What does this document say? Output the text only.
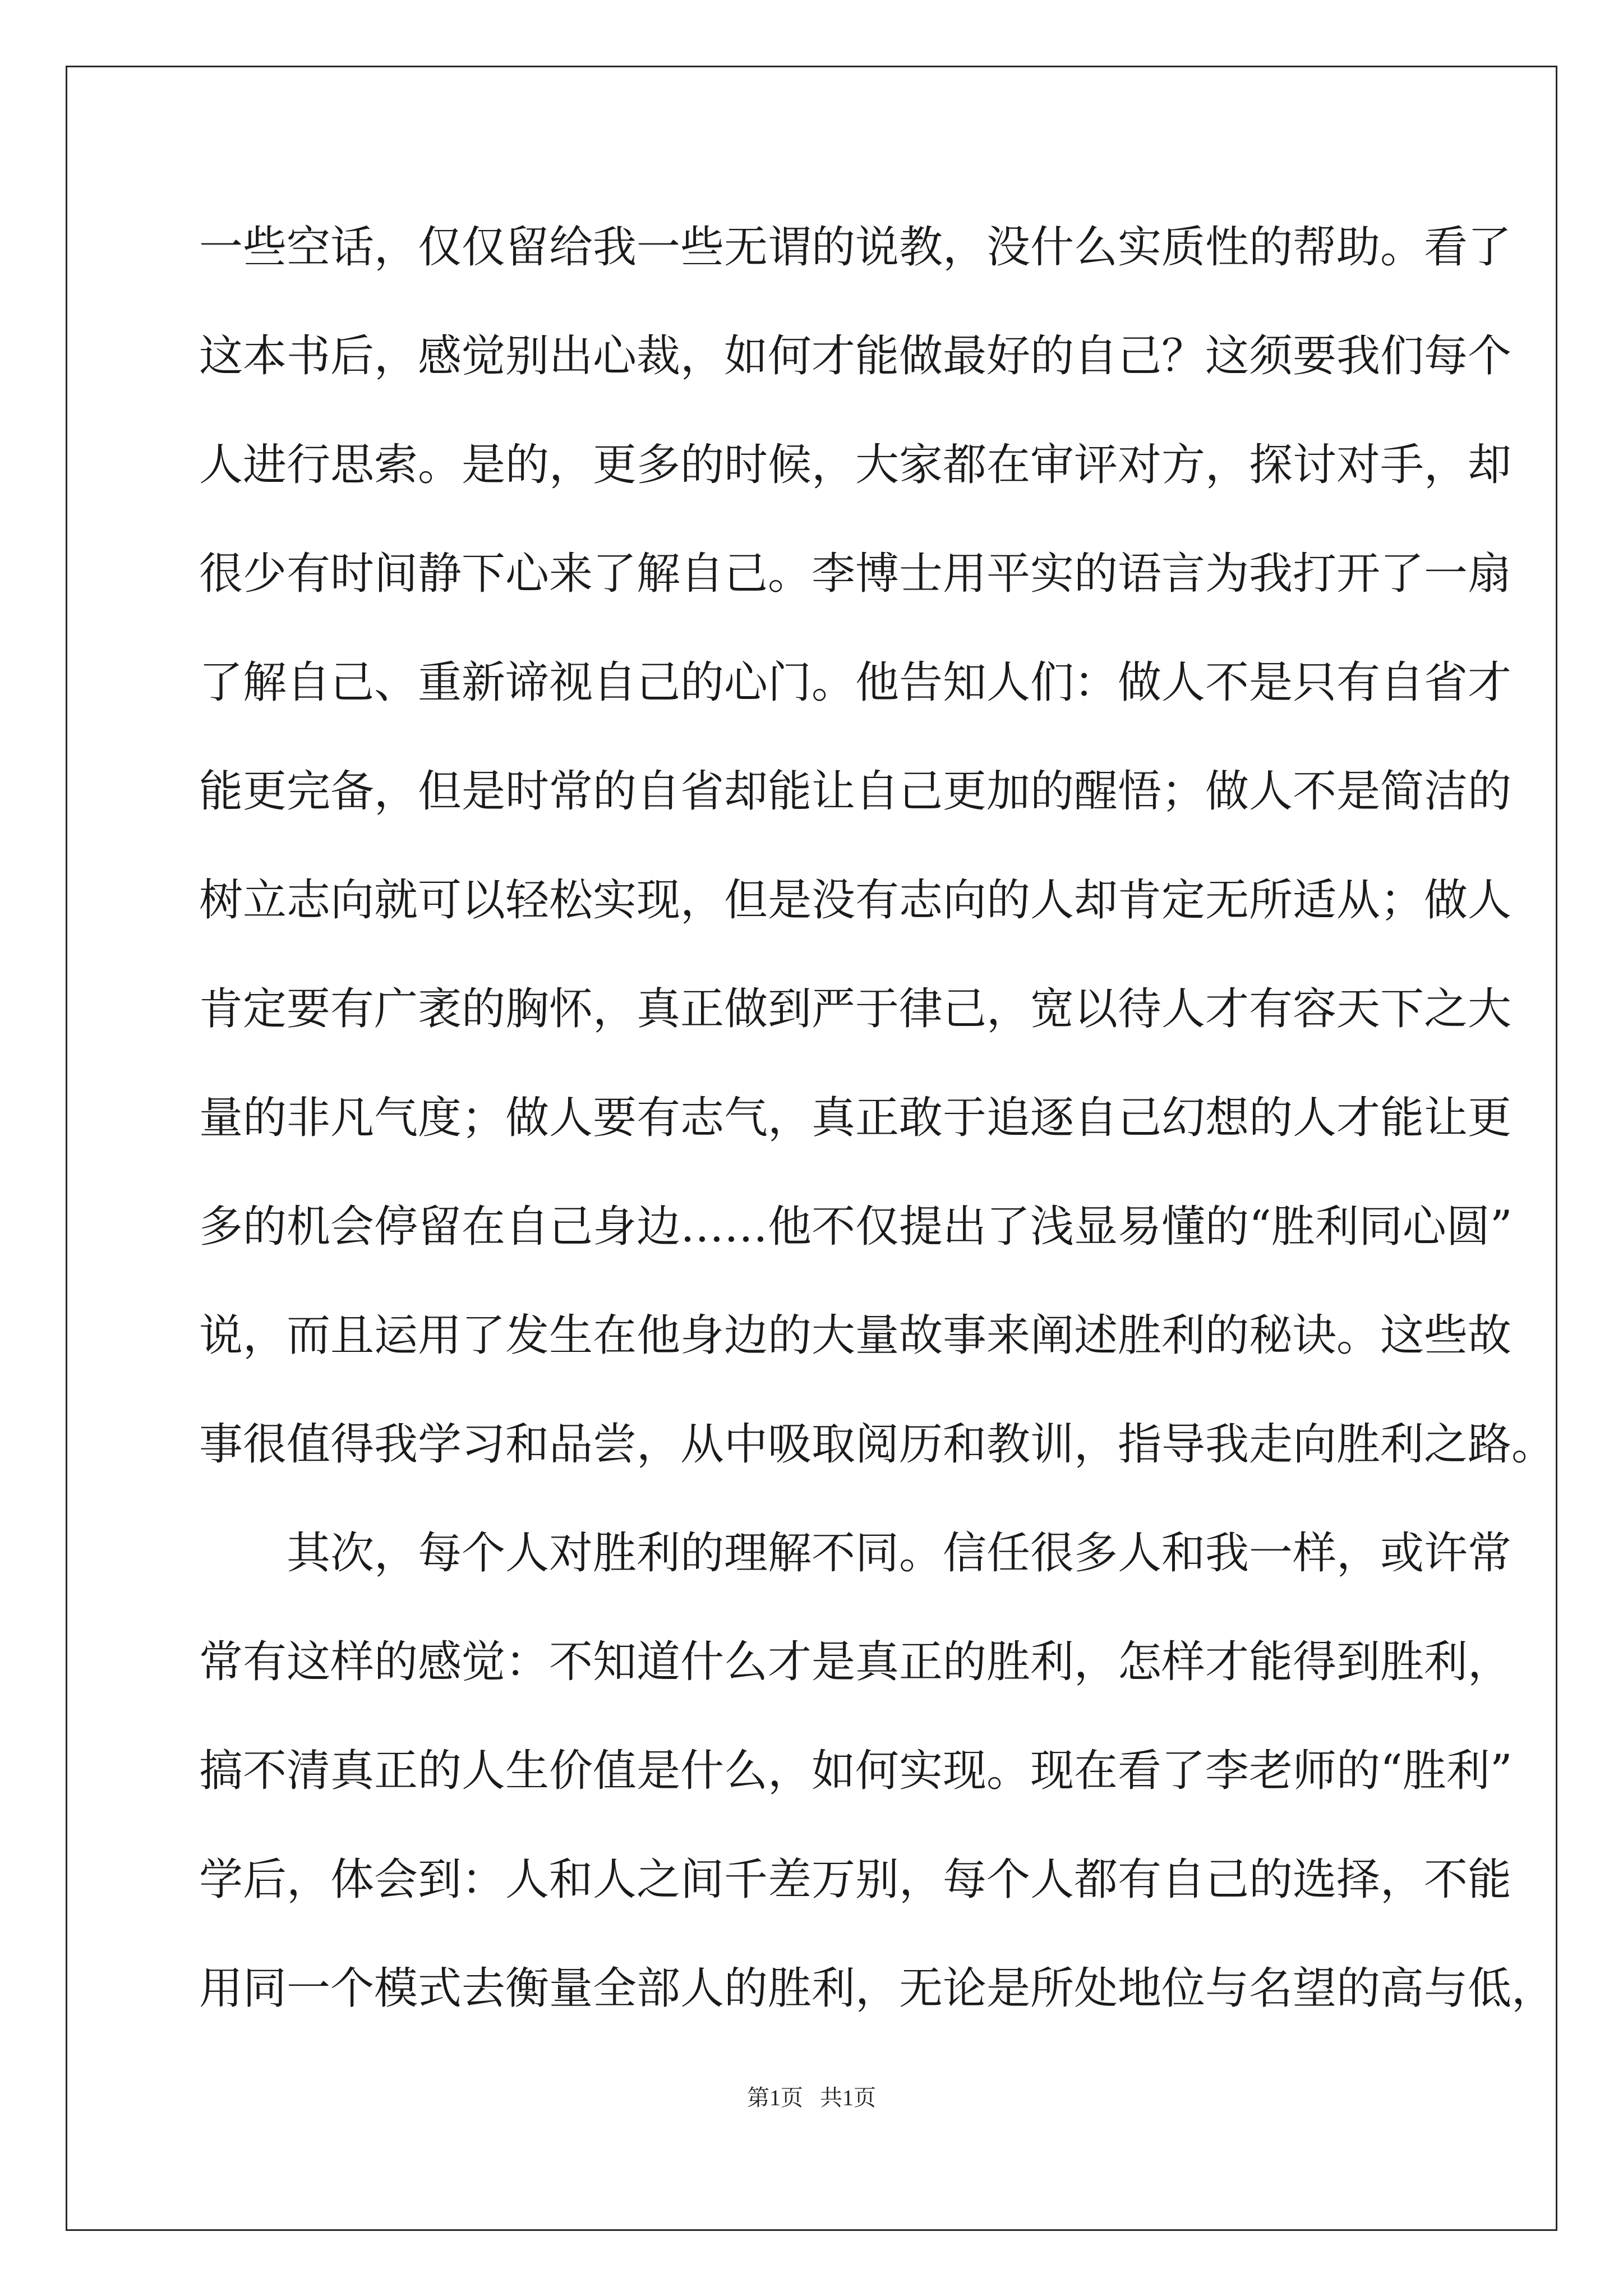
一些空话，仅仅留给我一些无谓的说教，没什么实质性的帮助。看了
这本书后，感觉别出心裁，如何才能做最好的自己？这须要我们每个
人进行思索。是的，更多的时候，大家都在审评对方，探讨对手，却
很少有时间静下心来了解自己。李博士用平实的语言为我打开了一扇
了解自己、重新谛视自己的心门。他告知人们：做人不是只有自省才
能更完备，但是时常的自省却能让自己更加的醒悟；做人不是简洁的
树立志向就可以轻松实现，但是没有志向的人却肯定无所适从；做人
肯定要有广袤的胸怀，真正做到严于律己，宽以待人才有容天下之大
量的非凡气度；做人要有志气，真正敢于追逐自己幻想的人才能让更
多的机会停留在自己身边……他不仅提出了浅显易懂的“胜利同心圆”
说，而且运用了发生在他身边的大量故事来阐述胜利的秘诀。这些故
事很值得我学习和品尝，从中吸取阅历和教训，指导我走向胜利之路。
其次，每个人对胜利的理解不同。信任很多人和我一样，或许常
常有这样的感觉：不知道什么才是真正的胜利，怎样才能得到胜利，
搞不清真正的人生价值是什么，如何实现。现在看了李老师的“胜利”
学后，体会到：人和人之间千差万别，每个人都有自己的选择，不能
用同一个模式去衡量全部人的胜利，无论是所处地位与名望的高与低，
第1页 共1页
